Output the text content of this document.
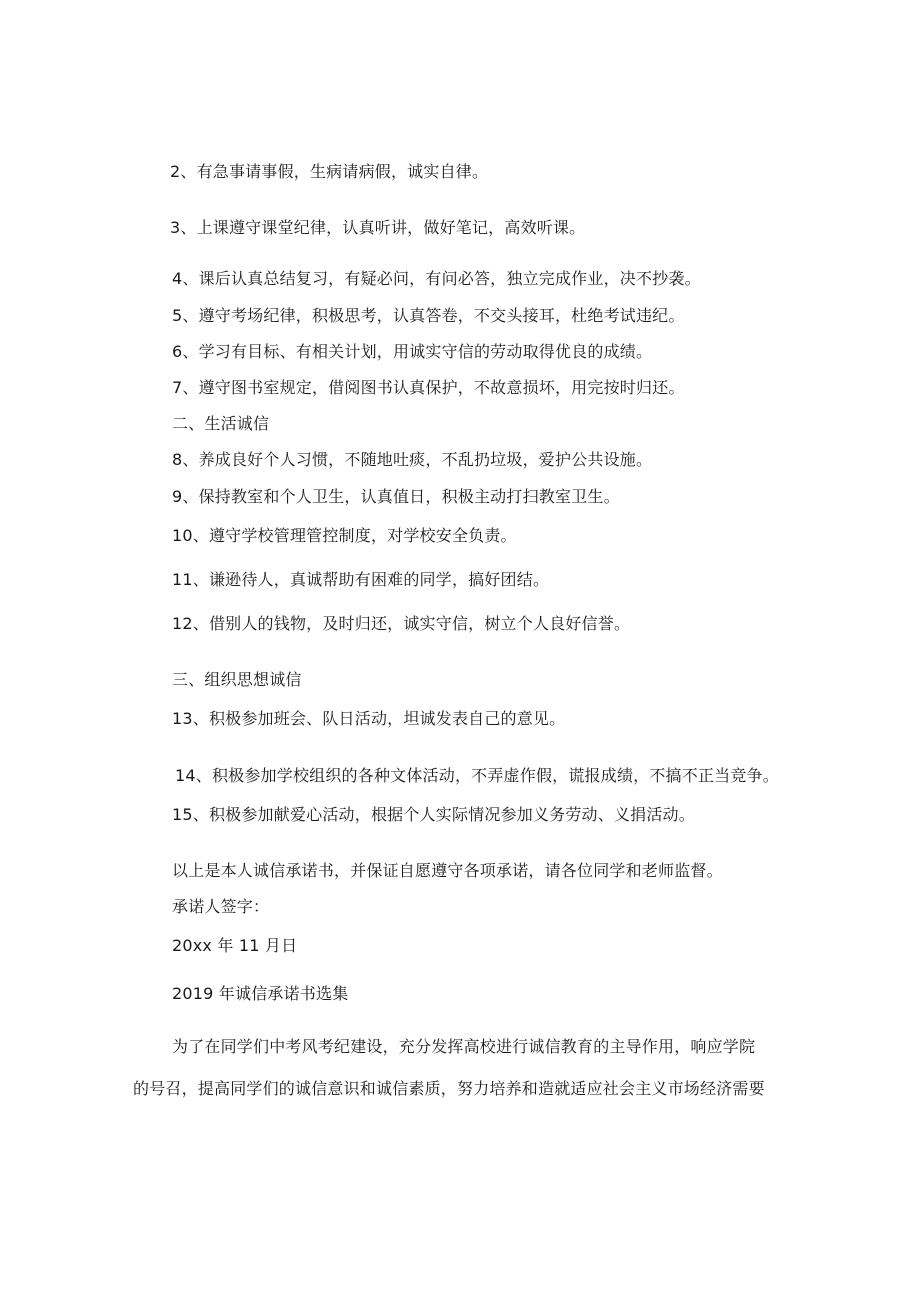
2、有急事请事假，生病请病假，诚实自律。
3、上课遵守课堂纪律，认真听讲，做好笔记，高效听课。
4、课后认真总结复习，有疑必问，有问必答，独立完成作业，决不抄袭。
5、遵守考场纪律，积极思考，认真答卷，不交头接耳，杜绝考试违纪。
6、学习有目标、有相关计划，用诚实守信的劳动取得优良的成绩。
7、遵守图书室规定，借阅图书认真保护，不故意损坏，用完按时归还。
二、生活诚信
8、养成良好个人习惯，不随地吐痰，不乱扔垃圾，爱护公共设施。
9、保持教室和个人卫生，认真值日，积极主动打扫教室卫生。
10、遵守学校管理管控制度，对学校安全负责。
11、谦逊待人，真诚帮助有困难的同学，搞好团结。
12、借别人的钱物，及时归还，诚实守信，树立个人良好信誉。
三、组织思想诚信
13、积极参加班会、队日活动，坦诚发表自己的意见。
14、积极参加学校组织的各种文体活动，不弄虚作假，谎报成绩，不搞不正当竞争。
15、积极参加献爱心活动，根据个人实际情况参加义务劳动、义捐活动。
以上是本人诚信承诺书，并保证自愿遵守各项承诺，请各位同学和老师监督。
承诺人签字：
20xx 年 11 月日
2019 年诚信承诺书选集
为了在同学们中考风考纪建设，充分发挥高校进行诚信教育的主导作用，响应学院
的号召，提高同学们的诚信意识和诚信素质，努力培养和造就适应社会主义市场经济需要
